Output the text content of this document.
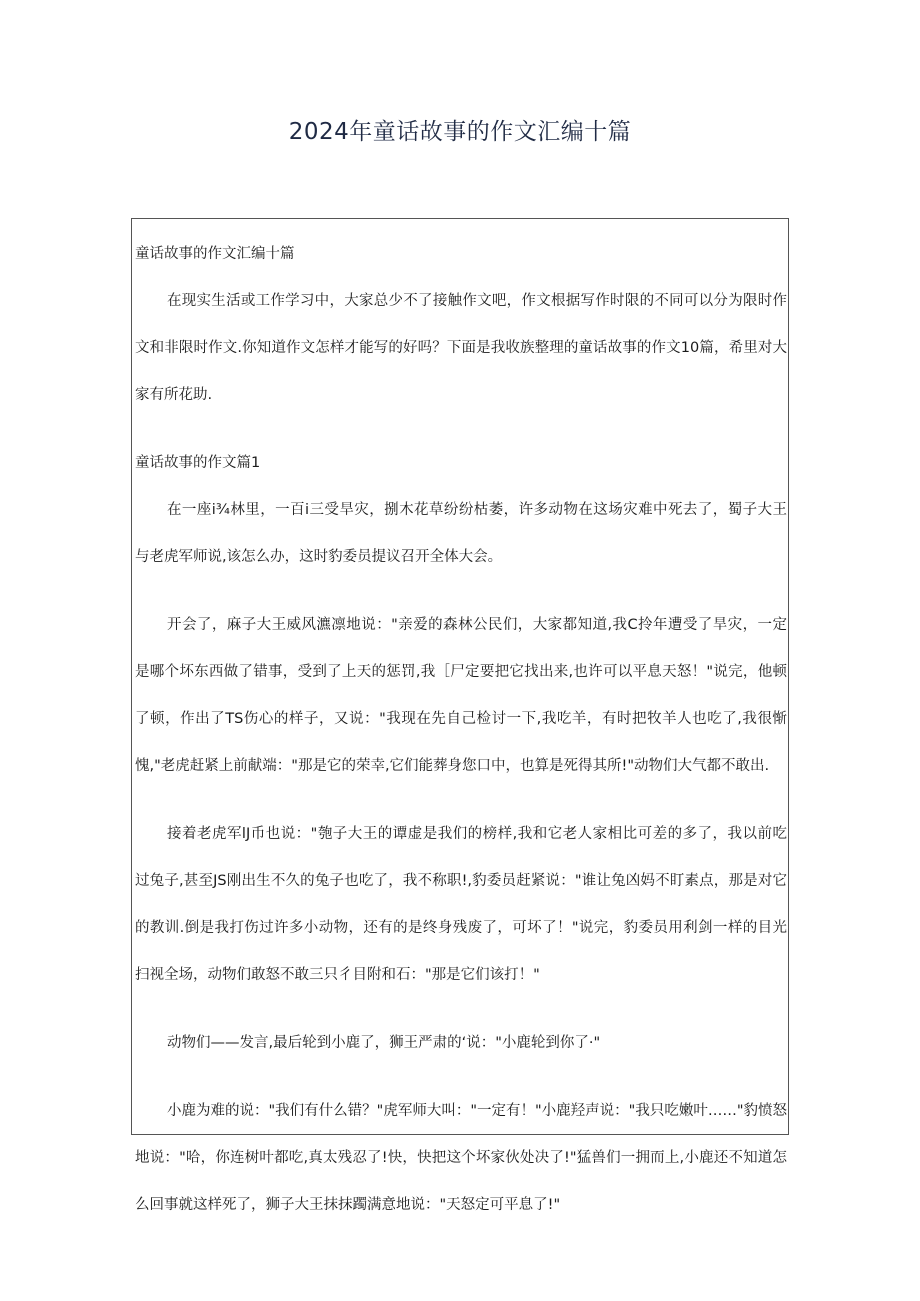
2024年童话故事的作文汇编十篇
童话故事的作文汇编十篇
在现实生活或工作学习中，大家总少不了接触作文吧，作文根据写作时限的不同可以分为限时作
文和非限时作文.你知道作文怎样才能写的好吗？下面是我收族整理的童话故事的作文10篇，希里对大
家有所花助.
童话故事的作文篇1
在一座i¾林里，一百i三受旱灾，捌木花草纷纷枯萎，许多动物在这场灾难中死去了，蜀子大王
与老虎军师说,该怎么办，这时豹委员提议召开全体大会。
开会了，麻子大王威风瀌凛地说："亲爱的森林公民们，大家都知道,我C拎年遭受了旱灾，一定
是哪个坏东西做了错事，受到了上天的惩罚,我［尸定要把它找出来,也许可以平息天怒！"说完，他顿
了顿，作出了TS伤心的样子，又说："我现在先自己检讨一下,我吃羊，有时把牧羊人也吃了,我很惭
愧,"老虎赶紧上前献端："那是它的荣幸,它们能葬身您口中，也算是死得其所!"动物们大气都不敢出.
接着老虎军lJ币也说："匏子大王的谭虚是我们的榜样,我和它老人家相比可差的多了，我以前吃
过兔子,甚至JS刚出生不久的兔子也吃了，我不称职!,豹委员赶紧说："谁让兔凶妈不盯素点，那是对它
的教训.倒是我打伤过许多小动物，还有的是终身残废了，可坏了！"说完，豹委员用利剑一样的目光
扫视全场，动物们敢怒不敢三只彳目附和石："那是它们该打！"
动物们——发言,最后轮到小鹿了，狮王严肃的‘说："小鹿轮到你了·"
小鹿为难的说："我们有什么错？"虎军师大叫："一定有！"小鹿羟声说："我只吃嫩叶……"豹愤怒
地说："哈，你连树叶都吃,真太残忍了!快，快把这个坏家伙处决了!"猛兽们一拥而上,小鹿还不知道怎
么回事就这样死了，狮子大王抹抹躅满意地说："天怒定可平息了!"
